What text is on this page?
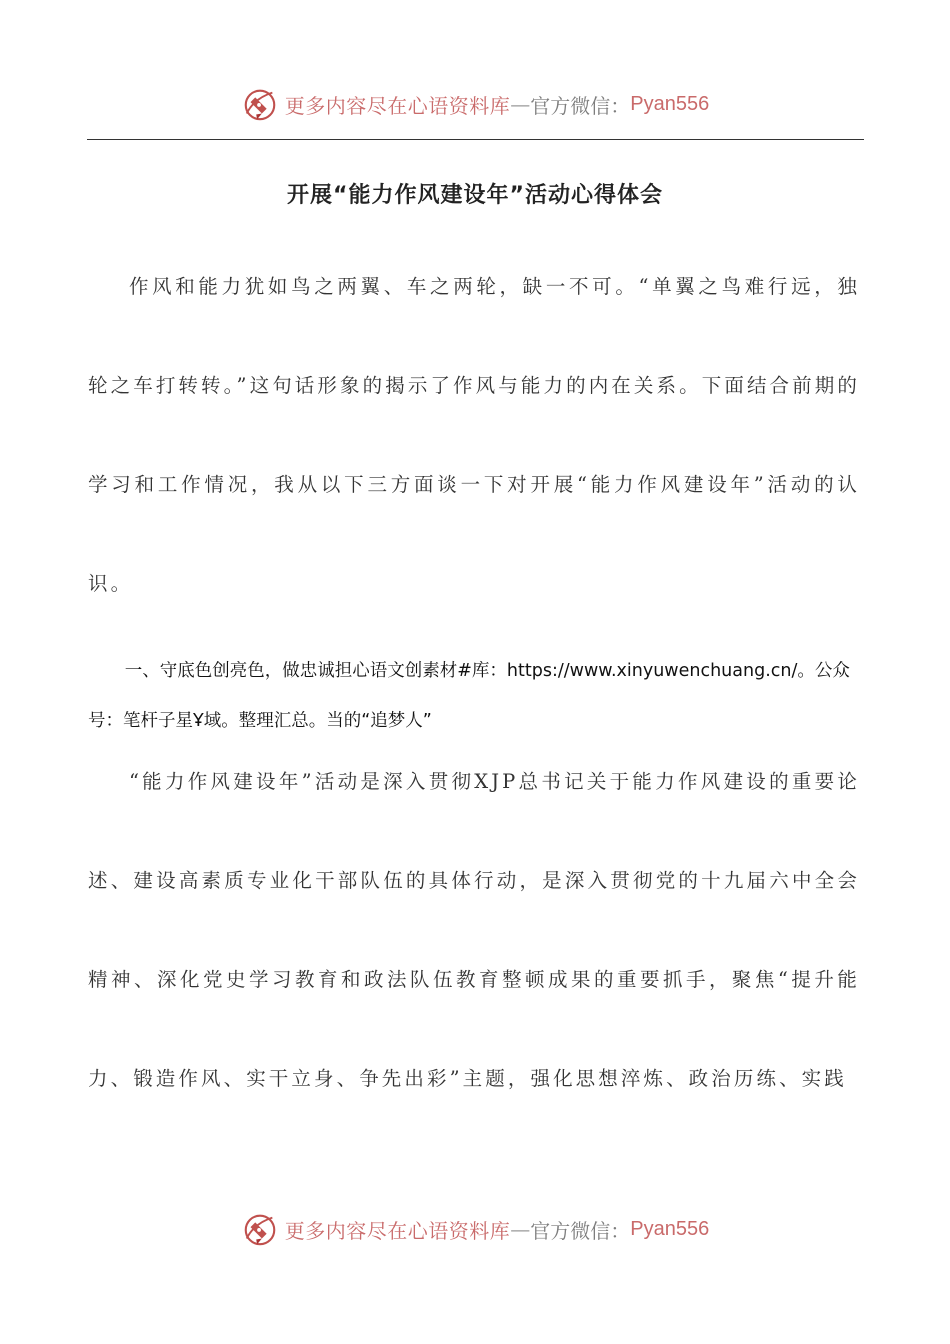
更多内容尽在心语资料库 — 官方微信： Pyan556
开展“能力作风建设年”活动心得体会

作风和能力犹如鸟之两翼、车之两轮，缺一不可。“单翼之鸟难行远，独轮之车打转转。”这句话形象的揭示了作风与能力的内在关系。下面结合前期的学习和工作情况，我从以下三方面谈一下对开展“能力作风建设年”活动的认识。

一、守底色创亮色，做忠诚担心语文创素材#库：https://www.xinyuwenchuang.cn/。公众号：笔杆子星Ұ域。整理汇总。当的“追梦人”

“能力作风建设年”活动是深入贯彻XJP总书记关于能力作风建设的重要论述、建设高素质专业化干部队伍的具体行动，是深入贯彻党的十九届六中全会精神、深化党史学习教育和政法队伍教育整顿成果的重要抓手，聚焦“提升能力、锻造作风、实干立身、争先出彩”主题，强化思想淬炼、政治历练、实践

更多内容尽在心语资料库 — 官方微信： Pyan556
